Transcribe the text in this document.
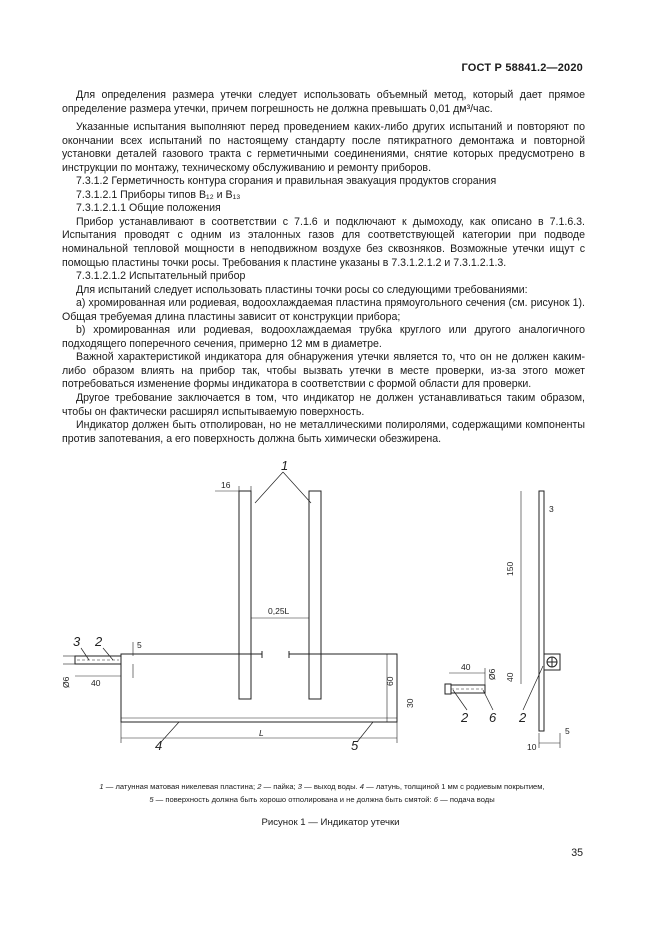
ГОСТ Р 58841.2—2020

Для определения размера утечки следует использовать объемный метод, который дает прямое определение размера утечки, причем погрешность не должна превышать 0,01 дм³/час.

Указанные испытания выполняют перед проведением каких-либо других испытаний и повторяют по окончании всех испытаний по настоящему стандарту после пятикратного демонтажа и повторной установки деталей газового тракта с герметичными соединениями, снятие которых предусмотрено в инструкции по монтажу, техническому обслуживанию и ремонту приборов.

7.3.1.2 Герметичность контура сгорания и правильная эвакуация продуктов сгорания

7.3.1.2.1 Приборы типов B₁₂ и B₁₃

7.3.1.2.1.1 Общие положения

Прибор устанавливают в соответствии с 7.1.6 и подключают к дымоходу, как описано в 7.1.6.3. Испытания проводят с одним из эталонных газов для соответствующей категории при подводе номинальной тепловой мощности в неподвижном воздухе без сквозняков. Возможные утечки ищут с помощью пластины точки росы. Требования к пластине указаны в 7.3.1.2.1.2 и 7.3.1.2.1.3.

7.3.1.2.1.2 Испытательный прибор

Для испытаний следует использовать пластины точки росы со следующими требованиями:

a) хромированная или родиевая, водоохлаждаемая пластина прямоугольного сечения (см. рисунок 1). Общая требуемая длина пластины зависит от конструкции прибора;

b) хромированная или родиевая, водоохлаждаемая трубка круглого или другого аналогичного подходящего поперечного сечения, примерно 12 мм в диаметре.

Важной характеристикой индикатора для обнаружения утечки является то, что он не должен каким-либо образом влиять на прибор так, чтобы вызвать утечки в месте проверки, из-за этого может потребоваться изменение формы индикатора в соответствии с формой области для проверки.

Другое требование заключается в том, что индикатор не должен устанавливаться таким образом, чтобы он фактически расширял испытываемую поверхность.

Индикатор должен быть отполирован, но не металлическими полиролями, содержащими компоненты против запотевания, а его поверхность должна быть химически обезжирена.

1
3 2
4	5
2 6 2
16
0,25L
5
40
Ø6	60
30
L
40
Ø6
3
150
40
10
5
1 — латунная матовая никелевая пластина; 2 — пайка; 3 — выход воды. 4 — латунь, толщиной 1 мм с родиевым покрытием,
5 — поверхность должна быть хорошо отполирована и не должна быть смятой: 6 — подача воды
Рисунок 1 — Индикатор утечки
35
